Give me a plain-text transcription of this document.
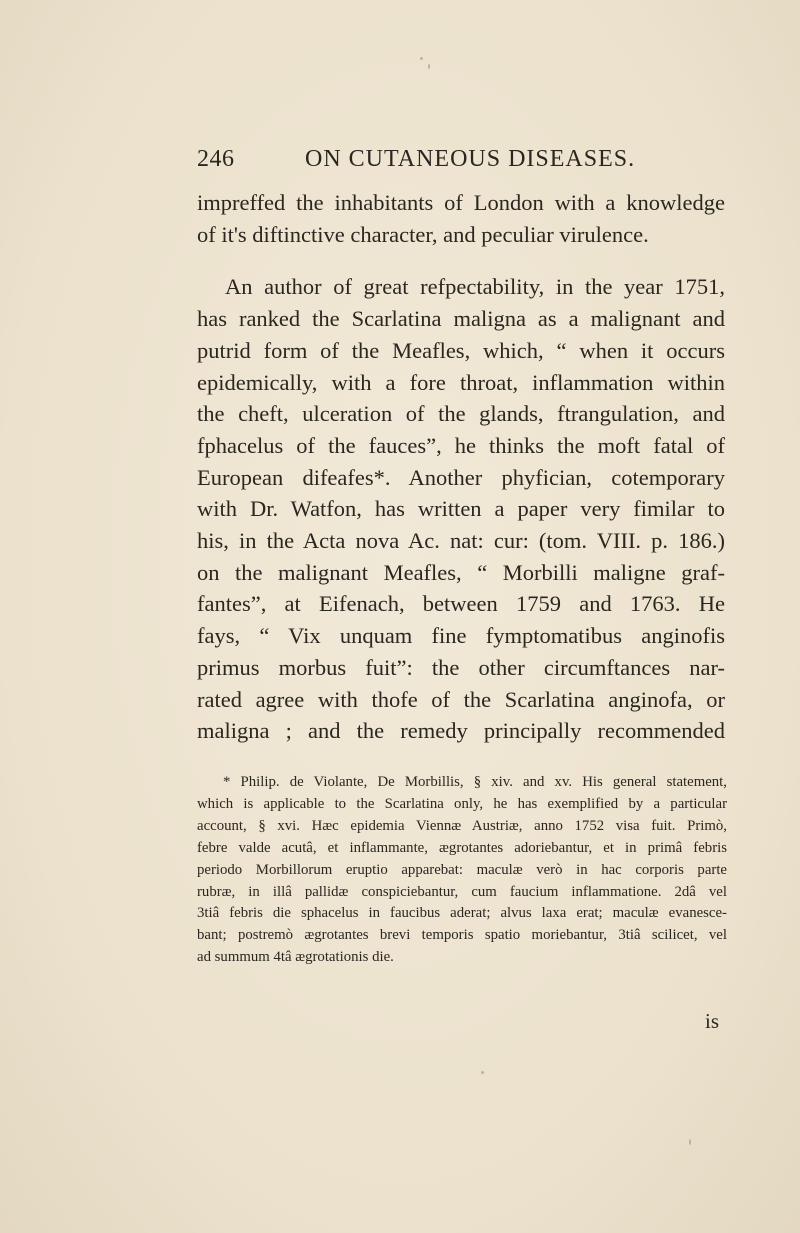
246	ON CUTANEOUS DISEASES.
impreffed the inhabitants of London with a knowledge
of it's diftinctive character, and peculiar virulence.
An author of great refpectability, in the year 1751,
has ranked the Scarlatina maligna as a malignant and
putrid form of the Meafles, which, “ when it occurs
epidemically, with a fore throat, inflammation within
the cheft, ulceration of the glands, ftrangulation, and
fphacelus of the fauces”, he thinks the moft fatal of
European difeafes*. Another phyfician, cotemporary
with Dr. Watfon, has written a paper very fimilar to
his, in the Acta nova Ac. nat: cur: (tom. VIII. p. 186.)
on the malignant Meafles, “ Morbilli maligne graf-
fantes”, at Eifenach, between 1759 and 1763. He
fays, “ Vix unquam fine fymptomatibus anginofis
primus morbus fuit”: the other circumftances nar-
rated agree with thofe of the Scarlatina anginofa, or
maligna ; and the remedy principally recommended
* Philip. de Violante, De Morbillis, § xiv. and xv. His general statement,
which is applicable to the Scarlatina only, he has exemplified by a particular
account, § xvi. Hæc epidemia Viennæ Austriæ, anno 1752 visa fuit. Primò,
febre valde acutâ, et inflammante, ægrotantes adoriebantur, et in primâ febris
periodo Morbillorum eruptio apparebat: maculæ verò in hac corporis parte
rubræ, in illâ pallidæ conspiciebantur, cum faucium inflammatione. 2dâ vel
3tiâ febris die sphacelus in faucibus aderat; alvus laxa erat; maculæ evanesce-
bant; postremò ægrotantes brevi temporis spatio moriebantur, 3tiâ scilicet, vel
ad summum 4tâ ægrotationis die.
is
